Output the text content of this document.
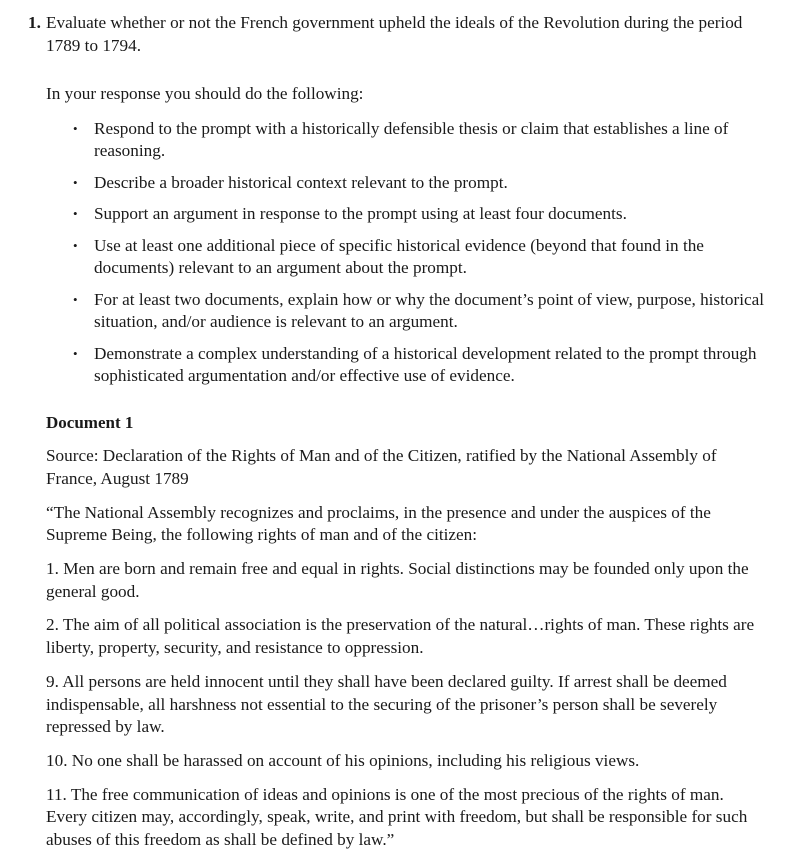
1. Evaluate whether or not the French government upheld the ideals of the Revolution during the period 1789 to 1794.

In your response you should do the following:

• Respond to the prompt with a historically defensible thesis or claim that establishes a line of reasoning.
• Describe a broader historical context relevant to the prompt.
• Support an argument in response to the prompt using at least four documents.
• Use at least one additional piece of specific historical evidence (beyond that found in the documents) relevant to an argument about the prompt.
• For at least two documents, explain how or why the document’s point of view, purpose, historical situation, and/or audience is relevant to an argument.
• Demonstrate a complex understanding of a historical development related to the prompt through sophisticated argumentation and/or effective use of evidence.
Document 1

Source: Declaration of the Rights of Man and of the Citizen, ratified by the National Assembly of France, August 1789

“The National Assembly recognizes and proclaims, in the presence and under the auspices of the Supreme Being, the following rights of man and of the citizen:

1. Men are born and remain free and equal in rights. Social distinctions may be founded only upon the general good.

2. The aim of all political association is the preservation of the natural…rights of man. These rights are liberty, property, security, and resistance to oppression.

9. All persons are held innocent until they shall have been declared guilty. If arrest shall be deemed indispensable, all harshness not essential to the securing of the prisoner’s person shall be severely repressed by law.

10. No one shall be harassed on account of his opinions, including his religious views.

11. The free communication of ideas and opinions is one of the most precious of the rights of man. Every citizen may, accordingly, speak, write, and print with freedom, but shall be responsible for such abuses of this freedom as shall be defined by law.”
